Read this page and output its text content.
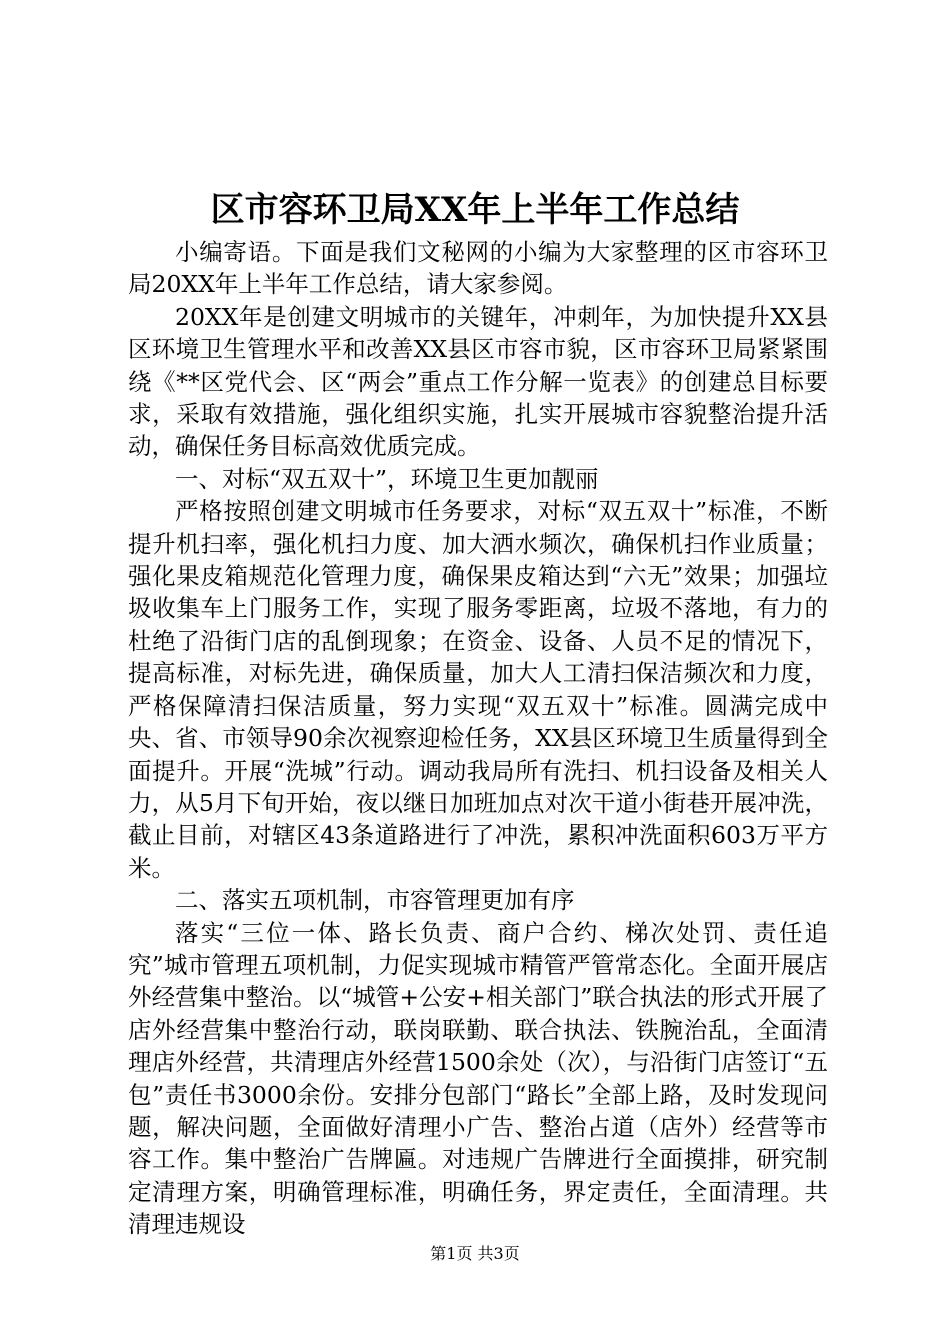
区市容环卫局XX年上半年工作总结

小编寄语。下面是我们文秘网的小编为大家整理的区市容环卫局20XX年上半年工作总结，请大家参阅。

20XX年是创建文明城市的关键年，冲刺年，为加快提升XX县区环境卫生管理水平和改善XX县区市容市貌，区市容环卫局紧紧围绕《**区党代会、区“两会”重点工作分解一览表》的创建总目标要求，采取有效措施，强化组织实施，扎实开展城市容貌整治提升活动，确保任务目标高效优质完成。

一、对标“双五双十”，环境卫生更加靓丽

严格按照创建文明城市任务要求，对标“双五双十”标准，不断提升机扫率，强化机扫力度、加大洒水频次，确保机扫作业质量；强化果皮箱规范化管理力度，确保果皮箱达到“六无”效果；加强垃圾收集车上门服务工作，实现了服务零距离，垃圾不落地，有力的杜绝了沿街门店的乱倒现象；在资金、设备、人员不足的情况下，提高标准，对标先进，确保质量，加大人工清扫保洁频次和力度，严格保障清扫保洁质量，努力实现“双五双十”标准。圆满完成中央、省、市领导90余次视察迎检任务，XX县区环境卫生质量得到全面提升。开展“洗城”行动。调动我局所有洗扫、机扫设备及相关人力，从5月下旬开始，夜以继日加班加点对次干道小街巷开展冲洗，截止目前，对辖区43条道路进行了冲洗，累积冲洗面积603万平方米。

二、落实五项机制，市容管理更加有序

落实“三位一体、路长负责、商户合约、梯次处罚、责任追究”城市管理五项机制，力促实现城市精管严管常态化。全面开展店外经营集中整治。以“城管+公安+相关部门”联合执法的形式开展了店外经营集中整治行动，联岗联勤、联合执法、铁腕治乱，全面清理店外经营，共清理店外经营1500余处（次），与沿街门店签订“五包”责任书3000余份。安排分包部门“路长”全部上路，及时发现问题，解决问题，全面做好清理小广告、整治占道（店外）经营等市容工作。集中整治广告牌匾。对违规广告牌进行全面摸排，研究制定清理方案，明确管理标准，明确任务，界定责任，全面清理。共清理违规设

第1页 共3页
